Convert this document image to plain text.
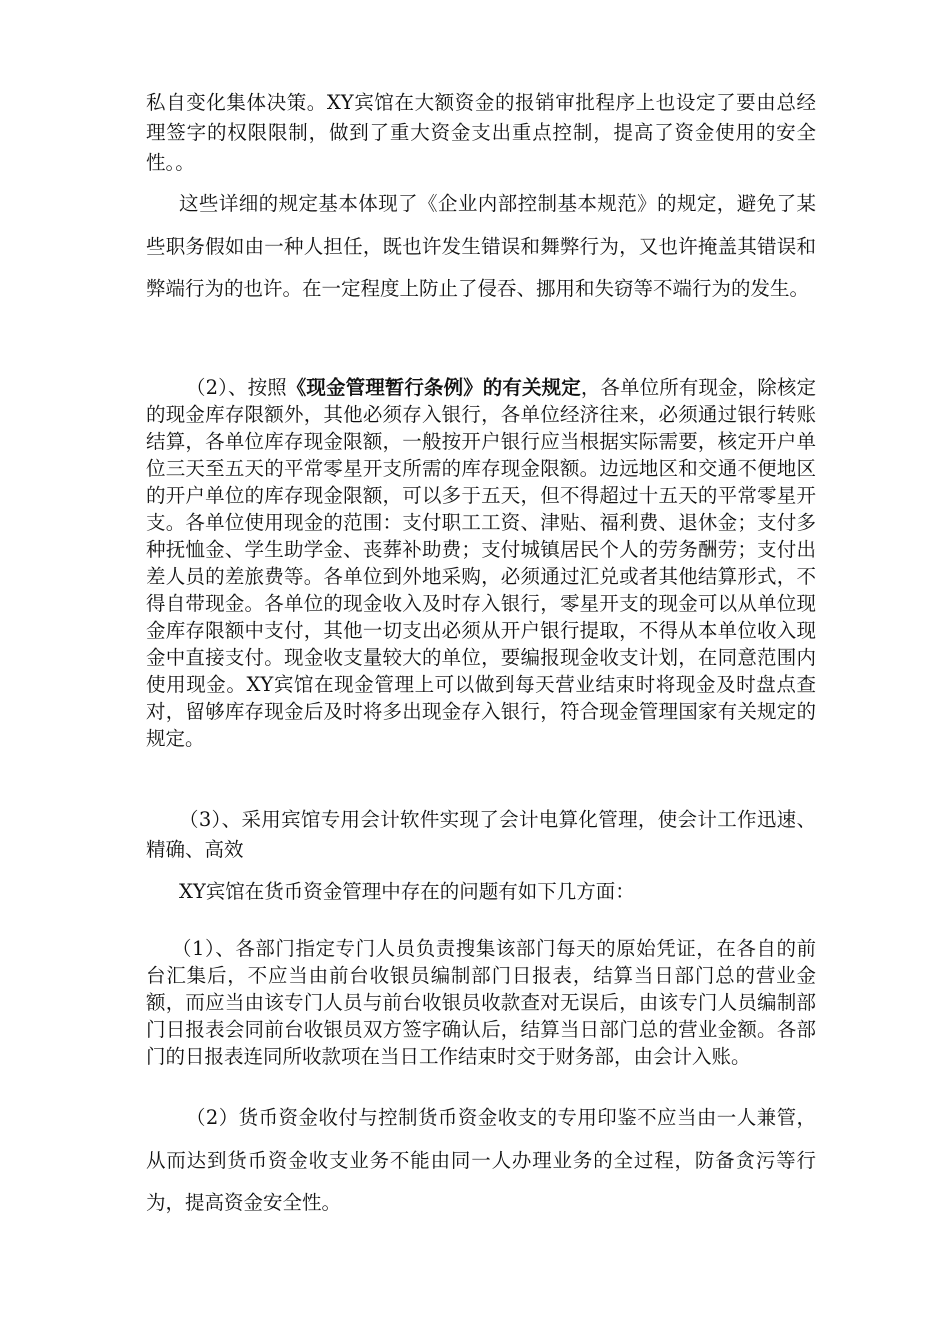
私自变化集体决策。XY宾馆在大额资金的报销审批程序上也设定了要由总经理签字的权限限制，做到了重大资金支出重点控制，提高了资金使用的安全性。。

这些详细的规定基本体现了《企业内部控制基本规范》的规定，避免了某些职务假如由一种人担任，既也许发生错误和舞弊行为，又也许掩盖其错误和弊端行为的也许。在一定程度上防止了侵吞、挪用和失窃等不端行为的发生。

（2）、按照《现金管理暂行条例》的有关规定，各单位所有现金，除核定的现金库存限额外，其他必须存入银行，各单位经济往来，必须通过银行转账结算，各单位库存现金限额，一般按开户银行应当根据实际需要，核定开户单位三天至五天的平常零星开支所需的库存现金限额。边远地区和交通不便地区的开户单位的库存现金限额，可以多于五天，但不得超过十五天的平常零星开支。各单位使用现金的范围：支付职工工资、津贴、福利费、退休金；支付多种抚恤金、学生助学金、丧葬补助费；支付城镇居民个人的劳务酬劳；支付出差人员的差旅费等。各单位到外地采购，必须通过汇兑或者其他结算形式，不得自带现金。各单位的现金收入及时存入银行，零星开支的现金可以从单位现金库存限额中支付，其他一切支出必须从开户银行提取，不得从本单位收入现金中直接支付。现金收支量较大的单位，要编报现金收支计划，在同意范围内使用现金。XY宾馆在现金管理上可以做到每天营业结束时将现金及时盘点查对，留够库存现金后及时将多出现金存入银行，符合现金管理国家有关规定的规定。

（3）、采用宾馆专用会计软件实现了会计电算化管理，使会计工作迅速、精确、高效

XY宾馆在货币资金管理中存在的问题有如下几方面：

（1）、各部门指定专门人员负责搜集该部门每天的原始凭证，在各自的前台汇集后，不应当由前台收银员编制部门日报表，结算当日部门总的营业金额，而应当由该专门人员与前台收银员收款查对无误后，由该专门人员编制部门日报表会同前台收银员双方签字确认后，结算当日部门总的营业金额。各部门的日报表连同所收款项在当日工作结束时交于财务部，由会计入账。

（2）货币资金收付与控制货币资金收支的专用印鉴不应当由一人兼管，从而达到货币资金收支业务不能由同一人办理业务的全过程，防备贪污等行为，提高资金安全性。
